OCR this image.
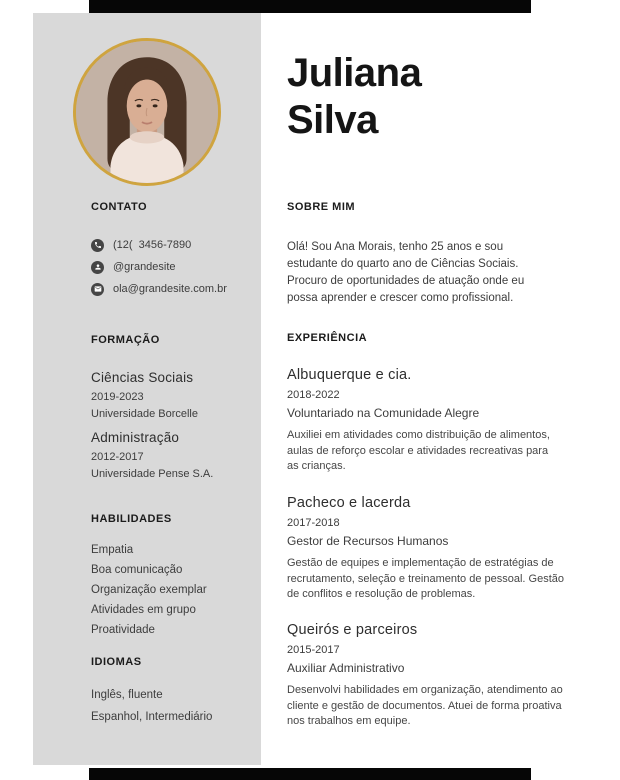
Juliana
Silva
CONTATO
(12(  3456-7890
@grandesite
ola@grandesite.com.br
FORMAÇÃO
Ciências Sociais
2019-2023
Universidade Borcelle
Administração
2012-2017
Universidade Pense S.A.
HABILIDADES
Empatia
Boa comunicação
Organização exemplar
Atividades em grupo
Proatividade
IDIOMAS
Inglês, fluente
Espanhol, Intermediário
SOBRE MIM
Olá! Sou Ana Morais, tenho 25 anos e sou estudante do quarto ano de Ciências Sociais. Procuro de oportunidades de atuação onde eu possa aprender e crescer como profissional.
EXPERIÊNCIA
Albuquerque e cia.
2018-2022
Voluntariado na Comunidade Alegre
Auxiliei em atividades como distribuição de alimentos, aulas de reforço escolar e atividades recreativas para as crianças.
Pacheco e lacerda
2017-2018
Gestor de Recursos Humanos
Gestão de equipes e implementação de estratégias de recrutamento, seleção e treinamento de pessoal. Gestão de conflitos e resolução de problemas.
Queirós e parceiros
2015-2017
Auxiliar Administrativo
Desenvolvi habilidades em organização, atendimento ao cliente e gestão de documentos. Atuei de forma proativa nos trabalhos em equipe.
